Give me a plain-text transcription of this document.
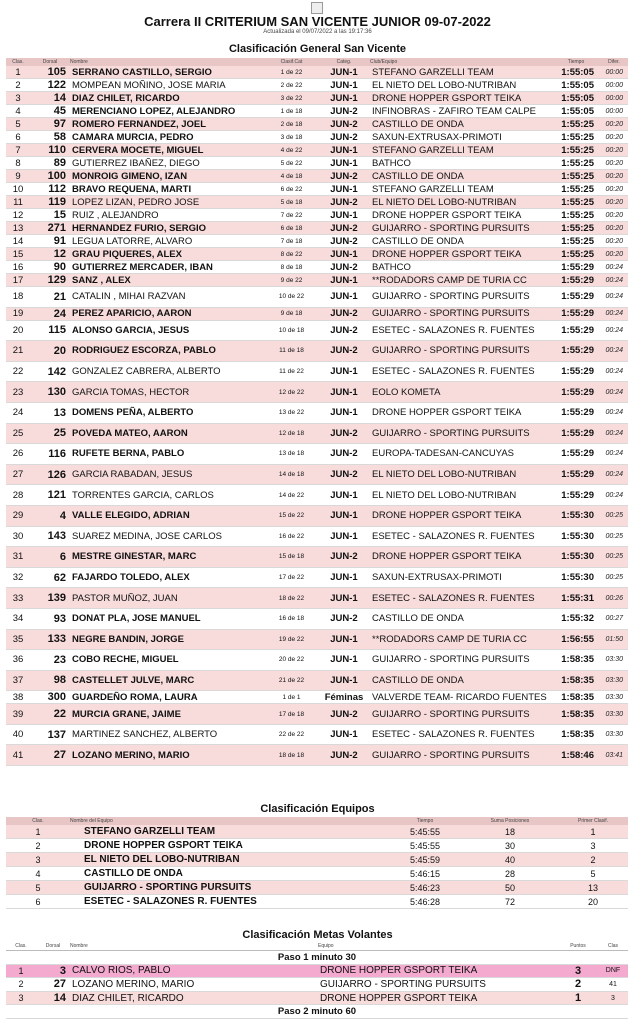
Carrera II CRITERIUM SAN VICENTE JUNIOR 09-07-2022
Actualizada el 09/07/2022 a las 19:17:36
Clasificación General San Vicente
Clas.	Dorsal	Nombre	Clasif.Cat	Categ.	Club/Equipo	Tiempo	Difer.
1	105	SERRANO CASTILLO, SERGIO	1 de 22	JUN-1	STEFANO GARZELLI TEAM	1:55:05	00:00
2	122	MOMPEAN MOÑINO, JOSE MARIA	2 de 22	JUN-1	EL NIETO DEL LOBO-NUTRIBAN	1:55:05	00:00
3	14	DIAZ CHILET, RICARDO	3 de 22	JUN-1	DRONE HOPPER GSPORT TEIKA	1:55:05	00:00
4	45	MERENCIANO LOPEZ, ALEJANDRO	1 de 18	JUN-2	INFINOBRAS - ZAFIRO TEAM CALPE	1:55:05	00:00
5	97	ROMERO FERNANDEZ, JOEL	2 de 18	JUN-2	CASTILLO DE ONDA	1:55:25	00:20
6	58	CAMARA MURCIA, PEDRO	3 de 18	JUN-2	SAXUN-EXTRUSAX-PRIMOTI	1:55:25	00:20
7	110	CERVERA MOCETE, MIGUEL	4 de 22	JUN-1	STEFANO GARZELLI TEAM	1:55:25	00:20
8	89	GUTIERREZ IBAÑEZ, DIEGO	5 de 22	JUN-1	BATHCO	1:55:25	00:20
9	100	MONROIG GIMENO, IZAN	4 de 18	JUN-2	CASTILLO DE ONDA	1:55:25	00:20
10	112	BRAVO REQUENA, MARTI	6 de 22	JUN-1	STEFANO GARZELLI TEAM	1:55:25	00:20
11	119	LOPEZ LIZAN, PEDRO JOSE	5 de 18	JUN-2	EL NIETO DEL LOBO-NUTRIBAN	1:55:25	00:20
12	15	RUIZ , ALEJANDRO	7 de 22	JUN-1	DRONE HOPPER GSPORT TEIKA	1:55:25	00:20
13	271	HERNANDEZ FURIO, SERGIO	6 de 18	JUN-2	GUIJARRO - SPORTING PURSUITS	1:55:25	00:20
14	91	LEGUA LATORRE, ALVARO	7 de 18	JUN-2	CASTILLO DE ONDA	1:55:25	00:20
15	12	GRAU PIQUERES, ALEX	8 de 22	JUN-1	DRONE HOPPER GSPORT TEIKA	1:55:25	00:20
16	90	GUTIERREZ MERCADER, IBAN	8 de 18	JUN-2	BATHCO	1:55:29	00:24
17	129	SANZ , ALEX	9 de 22	JUN-1	**RODADORS CAMP DE TURIA CC	1:55:29	00:24
18	21	CATALIN , MIHAI RAZVAN	10 de 22	JUN-1	GUIJARRO - SPORTING PURSUITS	1:55:29	00:24
19	24	PEREZ APARICIO, AARON	9 de 18	JUN-2	GUIJARRO - SPORTING PURSUITS	1:55:29	00:24
20	115	ALONSO GARCIA, JESUS	10 de 18	JUN-2	ESETEC - SALAZONES R. FUENTES	1:55:29	00:24
21	20	RODRIGUEZ ESCORZA, PABLO	11 de 18	JUN-2	GUIJARRO - SPORTING PURSUITS	1:55:29	00:24
22	142	GONZALEZ CABRERA, ALBERTO	11 de 22	JUN-1	ESETEC - SALAZONES R. FUENTES	1:55:29	00:24
23	130	GARCIA TOMAS, HECTOR	12 de 22	JUN-1	EOLO KOMETA	1:55:29	00:24
24	13	DOMENS PEÑA, ALBERTO	13 de 22	JUN-1	DRONE HOPPER GSPORT TEIKA	1:55:29	00:24
25	25	POVEDA MATEO, AARON	12 de 18	JUN-2	GUIJARRO - SPORTING PURSUITS	1:55:29	00:24
26	116	RUFETE BERNA, PABLO	13 de 18	JUN-2	EUROPA-TADESAN-CANCUYAS	1:55:29	00:24
27	126	GARCIA RABADAN, JESUS	14 de 18	JUN-2	EL NIETO DEL LOBO-NUTRIBAN	1:55:29	00:24
28	121	TORRENTES GARCIA, CARLOS	14 de 22	JUN-1	EL NIETO DEL LOBO-NUTRIBAN	1:55:29	00:24
29	4	VALLE ELEGIDO, ADRIAN	15 de 22	JUN-1	DRONE HOPPER GSPORT TEIKA	1:55:30	00:25
30	143	SUAREZ MEDINA, JOSE CARLOS	16 de 22	JUN-1	ESETEC - SALAZONES R. FUENTES	1:55:30	00:25
31	6	MESTRE GINESTAR, MARC	15 de 18	JUN-2	DRONE HOPPER GSPORT TEIKA	1:55:30	00:25
32	62	FAJARDO TOLEDO, ALEX	17 de 22	JUN-1	SAXUN-EXTRUSAX-PRIMOTI	1:55:30	00:25
33	139	PASTOR MUÑOZ, JUAN	18 de 22	JUN-1	ESETEC - SALAZONES R. FUENTES	1:55:31	00:26
34	93	DONAT PLA, JOSE MANUEL	16 de 18	JUN-2	CASTILLO DE ONDA	1:55:32	00:27
35	133	NEGRE BANDIN, JORGE	19 de 22	JUN-1	**RODADORS CAMP DE TURIA CC	1:56:55	01:50
36	23	COBO RECHE, MIGUEL	20 de 22	JUN-1	GUIJARRO - SPORTING PURSUITS	1:58:35	03:30
37	98	CASTELLET JULVE, MARC	21 de 22	JUN-1	CASTILLO DE ONDA	1:58:35	03:30
38	300	GUARDEÑO ROMA, LAURA	1 de 1	Féminas	VALVERDE TEAM- RICARDO FUENTES	1:58:35	03:30
39	22	MURCIA GRANE, JAIME	17 de 18	JUN-2	GUIJARRO - SPORTING PURSUITS	1:58:35	03:30
40	137	MARTINEZ SANCHEZ, ALBERTO	22 de 22	JUN-1	ESETEC - SALAZONES R. FUENTES	1:58:35	03:30
41	27	LOZANO MERINO, MARIO	18 de 18	JUN-2	GUIJARRO - SPORTING PURSUITS	1:58:46	03:41
Clasificación Equipos
Clas.	Nombre del Equipo	Tiempo	Suma Posiciones	Primer Clasif.
1	STEFANO GARZELLI TEAM	5:45:55	18	1
2	DRONE HOPPER GSPORT TEIKA	5:45:55	30	3
3	EL NIETO DEL LOBO-NUTRIBAN	5:45:59	40	2
4	CASTILLO DE ONDA	5:46:15	28	5
5	GUIJARRO - SPORTING PURSUITS	5:46:23	50	13
6	ESETEC - SALAZONES R. FUENTES	5:46:28	72	20
Clasificación Metas Volantes
Clas.	Dorsal	Nombre	Equipo	Puntos	Clas
Paso 1 minuto 30					
1	3	CALVO RIOS, PABLO	DRONE HOPPER GSPORT TEIKA	3	DNF
2	27	LOZANO MERINO, MARIO	GUIJARRO - SPORTING PURSUITS	2	41
3	14	DIAZ CHILET, RICARDO	DRONE HOPPER GSPORT TEIKA	1	3
Paso 2 minuto 60					
